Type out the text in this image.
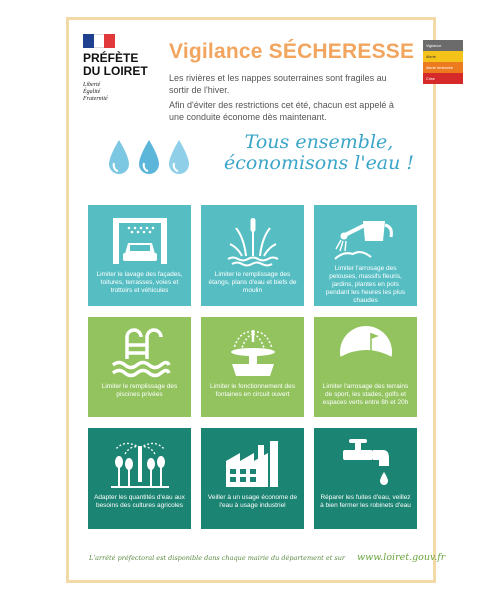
PRÉFÈTE
DU LOIRET
Liberté
Égalité
Fraternité
Vigilance SÉCHERESSE

Les rivières et les nappes souterraines sont fragiles au sortir de l'hiver.

Afin d'éviter des restrictions cet été, chacun est appelé à une conduite économe dès maintenant.

Tous ensemble,
économisons l'eau !
Limiter le lavage des façades, toitures, terrasses, voies et trottoirs et véhicules
Limiter le remplissage des étangs, plans d'eau et biefs de moulin
Limiter l'arrosage des pelouses, massifs fleuris, jardins, plantes en pots pendant les heures les plus chaudes
Limiter le remplissage des piscines privées
Limiter le fonctionnement des fontaines en circuit ouvert
Limiter l'arrosage des terrains de sport, les stades, golfs et espaces verts entre 8h et 20h
Adapter les quantités d'eau aux besoins des cultures agricoles
Veiller à un usage économe de l'eau à usage industriel
Réparer les fuites d'eau, veillez à bien fermer les robinets d'eau
L'arrêté préfectoral est disponible dans chaque mairie du département et sur www.loiret.gouv.fr
Vigilance
Alerte
Alerte renforcée
Crise
